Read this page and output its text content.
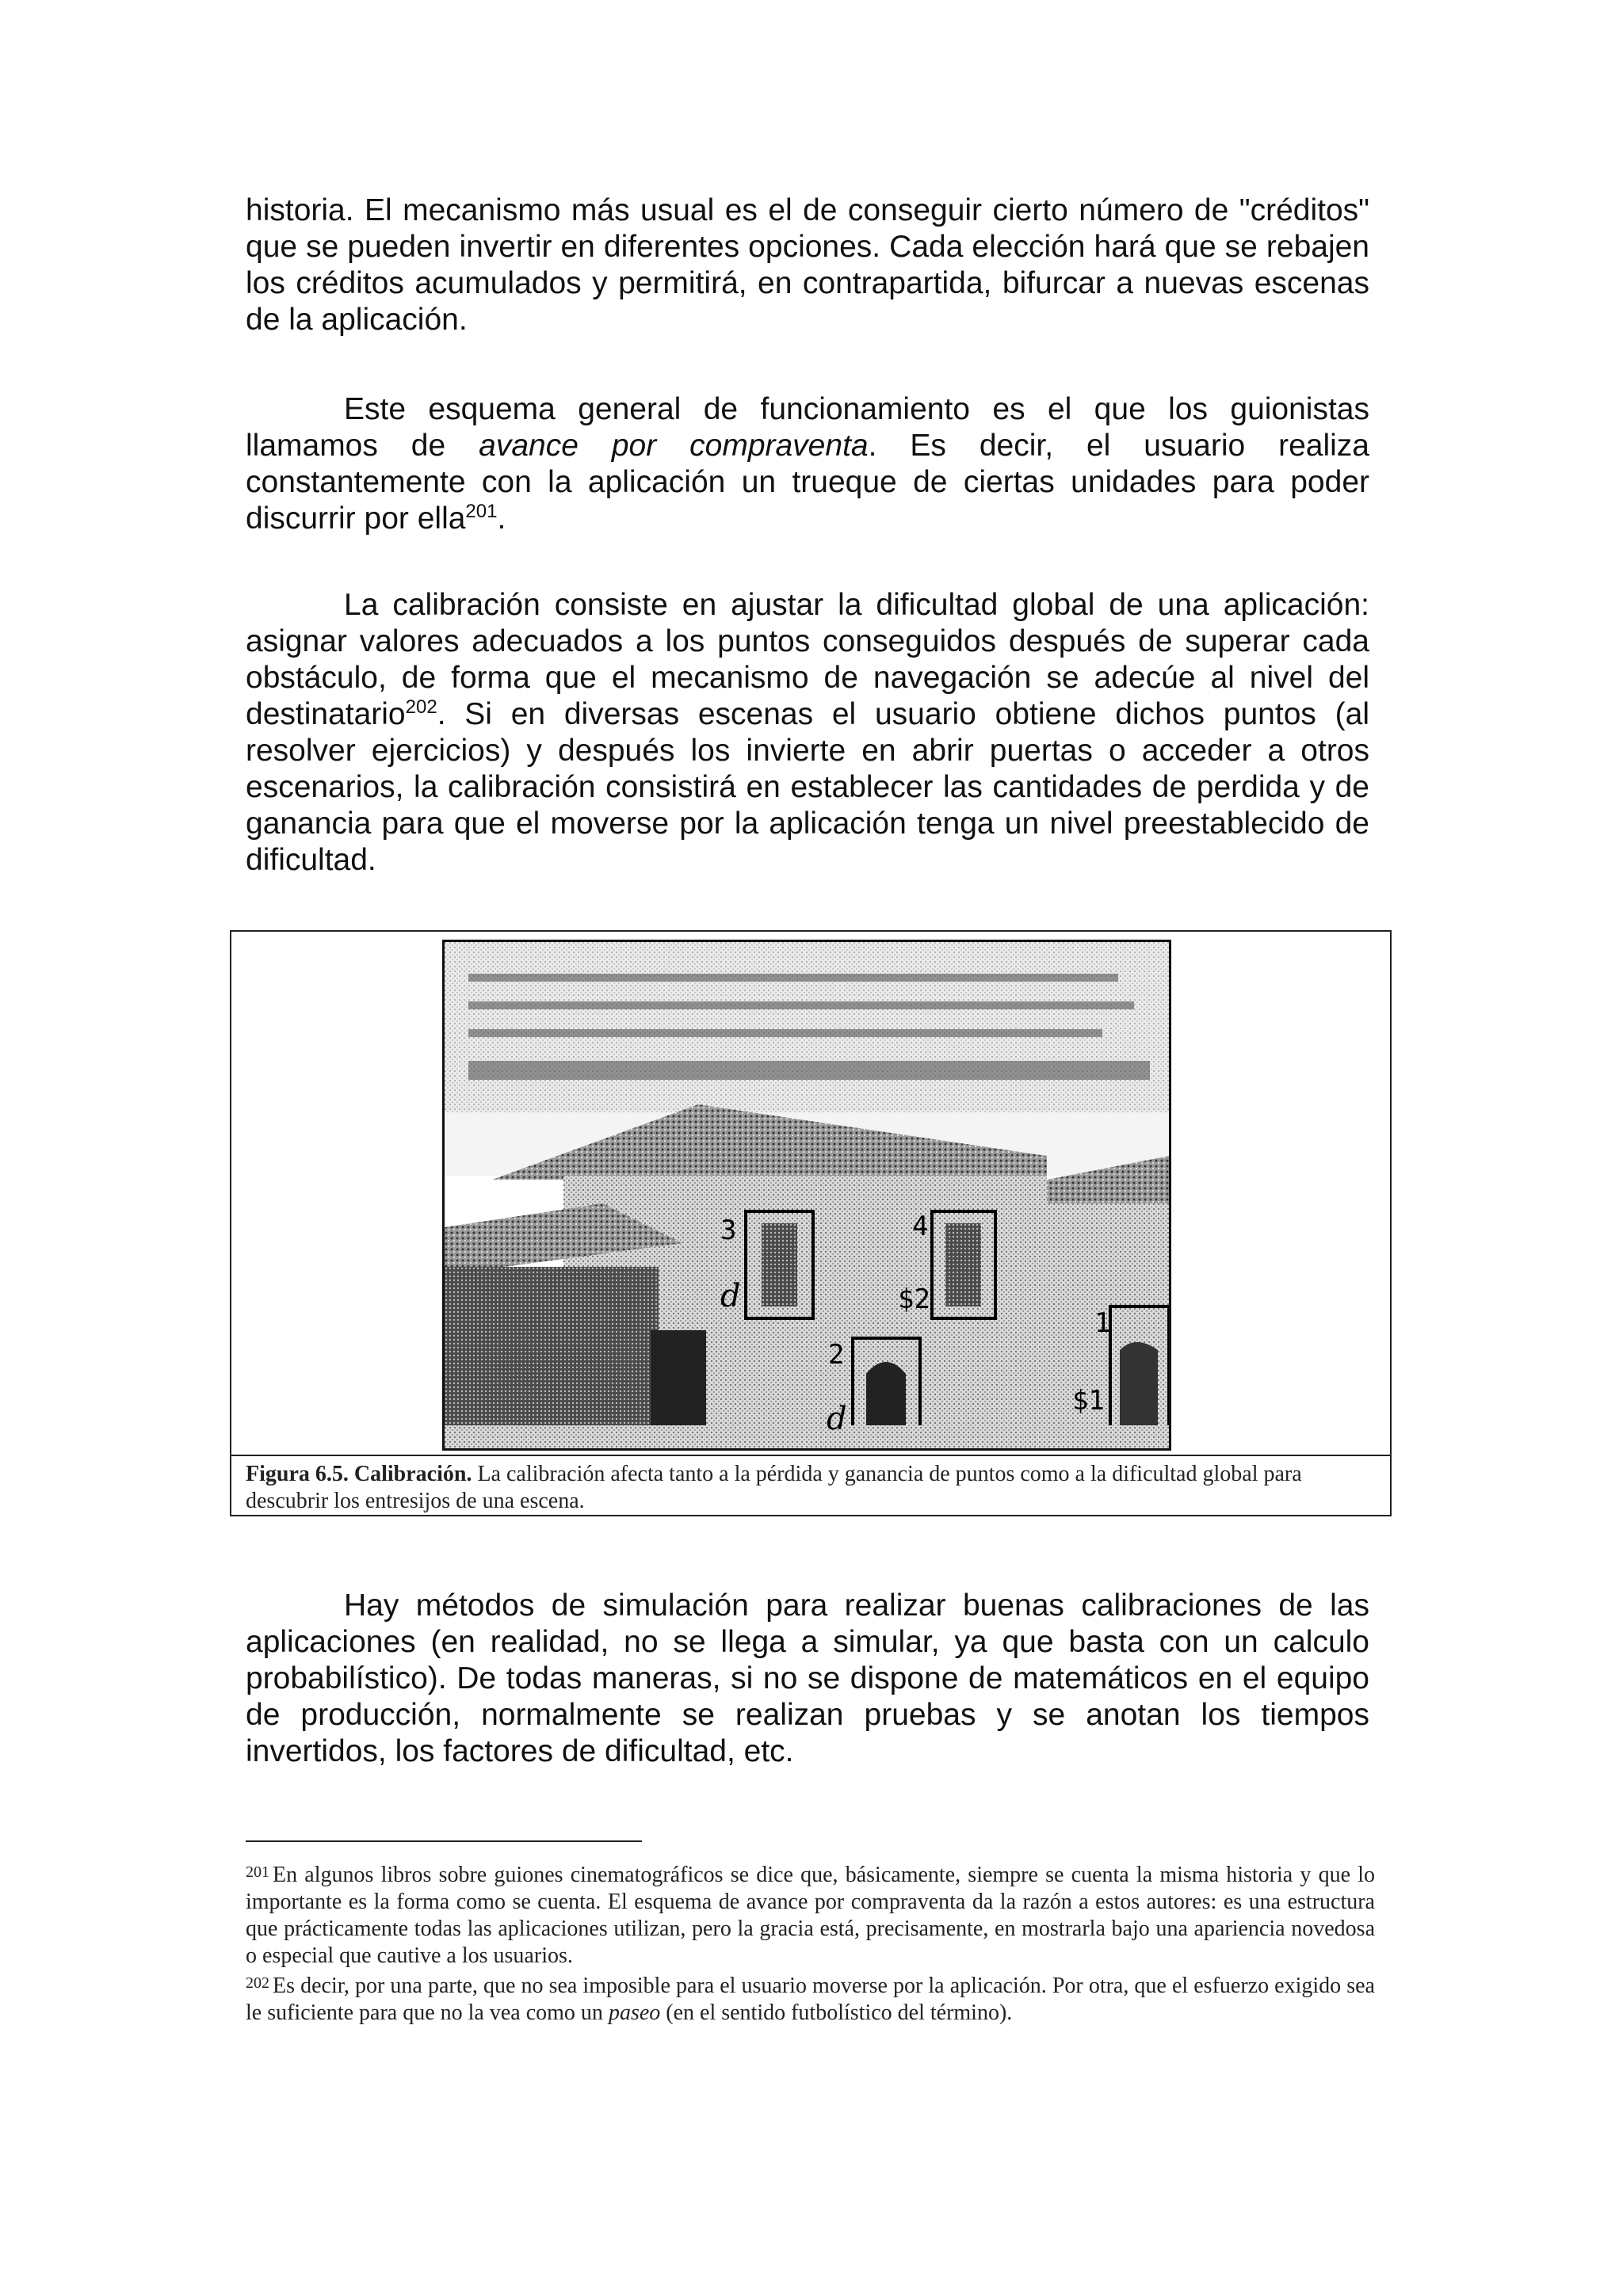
historia. El mecanismo más usual es el de conseguir cierto número de "créditos" que se pueden invertir en diferentes opciones. Cada elección hará que se rebajen los créditos acumulados y permitirá, en contrapartida, bifurcar a nuevas escenas de la aplicación.

Este esquema general de funcionamiento es el que los guionistas llamamos de avance por compraventa. Es decir, el usuario realiza constantemente con la aplicación un trueque de ciertas unidades para poder discurrir por ella$^{201}$.

La calibración consiste en ajustar la dificultad global de una aplicación: asignar valores adecuados a los puntos conseguidos después de superar cada obstáculo, de forma que el mecanismo de navegación se adecúe al nivel del destinatario$^{202}$. Si en diversas escenas el usuario obtiene dichos puntos (al resolver ejercicios) y después los invierte en abrir puertas o acceder a otros escenarios, la calibración consistirá en establecer las cantidades de perdida y de ganancia para que el moverse por la aplicación tenga un nivel preestablecido de dificultad.

3	4
2
1
$2
$1
d
d
Figura 6.5. Calibración. La calibración afecta tanto a la pérdida y ganancia de puntos como a la dificultad global para descubrir los entresijos de una escena.

Hay métodos de simulación para realizar buenas calibraciones de las aplicaciones (en realidad, no se llega a simular, ya que basta con un calculo probabilístico). De todas maneras, si no se dispone de matemáticos en el equipo de producción, normalmente se realizan pruebas y se anotan los tiempos invertidos, los factores de dificultad, etc.

$^{201}$ En algunos libros sobre guiones cinematográficos se dice que, básicamente, siempre se cuenta la misma historia y que lo importante es la forma como se cuenta. El esquema de avance por compraventa da la razón a estos autores: es una estructura que prácticamente todas las aplicaciones utilizan, pero la gracia está, precisamente, en mostrarla bajo una apariencia novedosa o especial que cautive a los usuarios.

$^{202}$ Es decir, por una parte, que no sea imposible para el usuario moverse por la aplicación. Por otra, que el esfuerzo exigido sea le suficiente para que no la vea como un paseo (en el sentido futbolístico del término).
